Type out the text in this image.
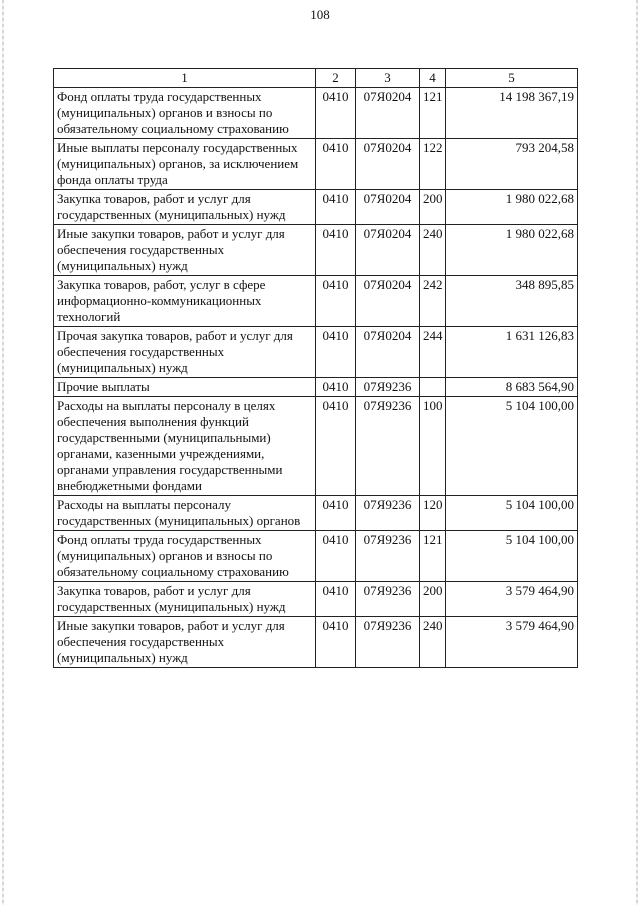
108
1	2	3	4	5
Фонд оплаты труда государственных (муниципальных) органов и взносы по обязательному социальному страхованию	0410	07Я0204	121	14 198 367,19
Иные выплаты персоналу государственных (муниципальных) органов, за исключением фонда оплаты труда	0410	07Я0204	122	793 204,58
Закупка товаров, работ и услуг для государственных (муниципальных) нужд	0410	07Я0204	200	1 980 022,68
Иные закупки товаров, работ и услуг для обеспечения государственных (муниципальных) нужд	0410	07Я0204	240	1 980 022,68
Закупка товаров, работ, услуг в сфере информационно-коммуникационных технологий	0410	07Я0204	242	348 895,85
Прочая закупка товаров, работ и услуг для обеспечения государственных (муниципальных) нужд	0410	07Я0204	244	1 631 126,83
Прочие выплаты	0410	07Я9236		8 683 564,90
Расходы на выплаты персоналу в целях обеспечения выполнения функций государственными (муниципальными) органами, казенными учреждениями, органами управления государственными внебюджетными фондами	0410	07Я9236	100	5 104 100,00
Расходы на выплаты персоналу государственных (муниципальных) органов	0410	07Я9236	120	5 104 100,00
Фонд оплаты труда государственных (муниципальных) органов и взносы по обязательному социальному страхованию	0410	07Я9236	121	5 104 100,00
Закупка товаров, работ и услуг для государственных (муниципальных) нужд	0410	07Я9236	200	3 579 464,90
Иные закупки товаров, работ и услуг для обеспечения государственных (муниципальных) нужд	0410	07Я9236	240	3 579 464,90
